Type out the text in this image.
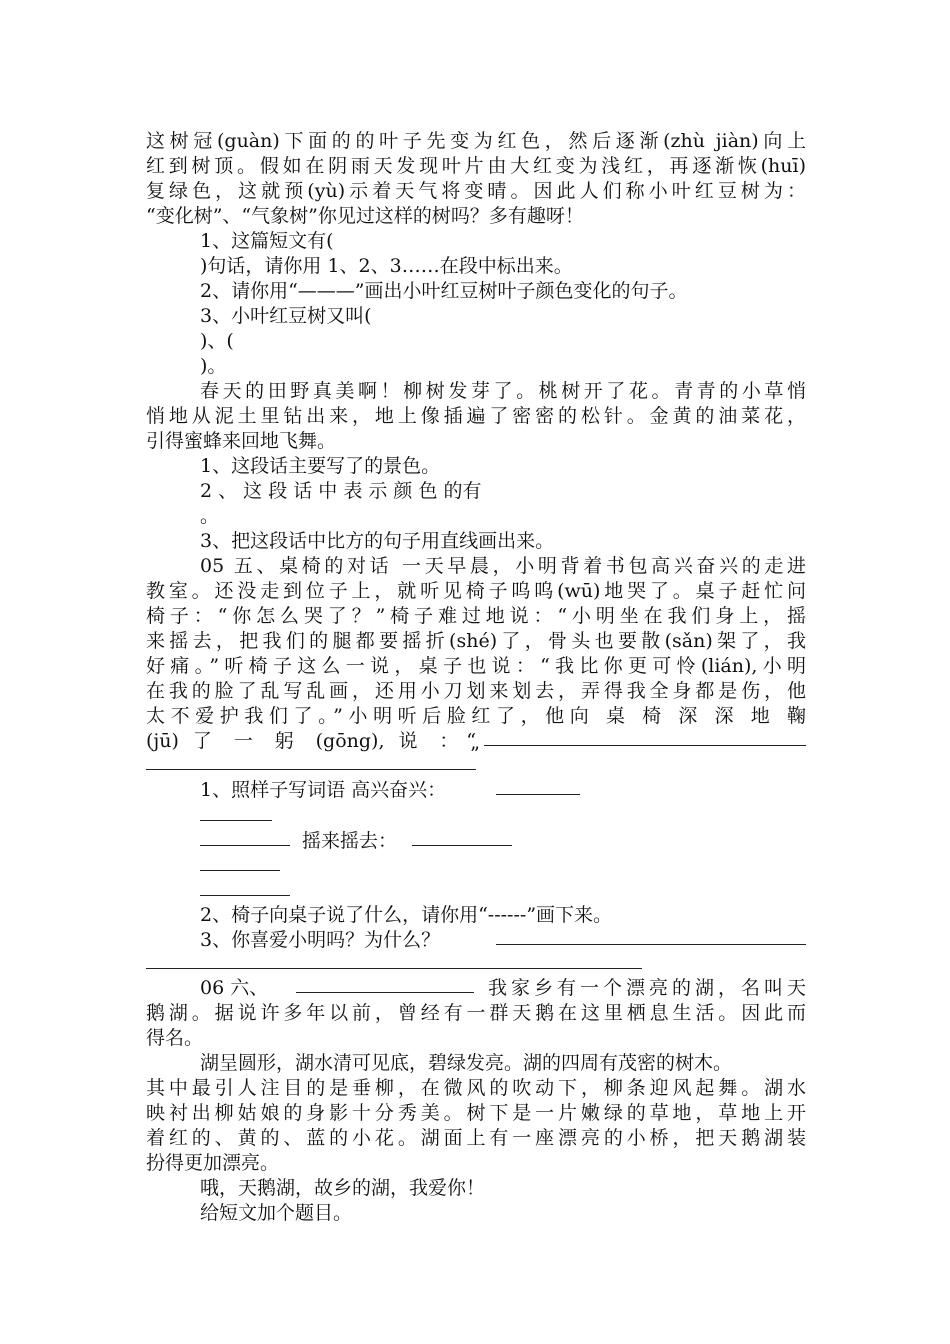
这树冠(guàn)下面的的叶子先变为红色，然后逐渐(zhù jiàn)向上
红到树顶。假如在阴雨天发现叶片由大红变为浅红，再逐渐恢(huī)
复绿色，这就预(yù)示着天气将变晴。因此人们称小叶红豆树为：
“变化树”、“气象树”你见过这样的树吗？多有趣呀！
1、这篇短文有(
)句话，请你用 1、2、3……在段中标出来。
2、请你用“———”画出小叶红豆树叶子颜色变化的句子。
3、小叶红豆树又叫(
)、(
)。
春天的田野真美啊！柳树发芽了。桃树开了花。青青的小草悄
悄地从泥土里钻出来，地上像插遍了密密的松针。金黄的油菜花，
引得蜜蜂来回地飞舞。
1、这段话主要写了的景色。
2 、 这 段 话 中 表 示 颜 色 的有
。
3、把这段话中比方的句子用直线画出来。
05 五、桌椅的对话 一天早晨，小明背着书包高兴奋兴的走进
教室。还没走到位子上，就听见椅子呜呜(wū)地哭了。桌子赶忙问
椅子：“你怎么哭了？”椅子难过地说：“小明坐在我们身上，摇
来摇去，把我们的腿都要摇折(shé)了，骨头也要散(sǎn)架了，我
好痛。”听椅子这么一说，桌子也说：“我比你更可怜(lián),小明
在我的脸了乱写乱画，还用小刀划来划去，弄得我全身都是伤，他
太不爱护我们了。”小明听后脸红了，他向 桌 椅 深 深 地 鞠
(jū) 了 一 躬 (gōng), 说 ：“
”
1、照样子写词语 高兴奋兴：
摇来摇去：
2、椅子向桌子说了什么，请你用“------”画下来。
3、你喜爱小明吗？为什么？
06 六、	我家乡有一个漂亮的湖，名叫天
鹅湖。据说许多年以前，曾经有一群天鹅在这里栖息生活。因此而
得名。
湖呈圆形，湖水清可见底，碧绿发亮。湖的四周有茂密的树木。
其中最引人注目的是垂柳，在微风的吹动下，柳条迎风起舞。湖水
映衬出柳姑娘的身影十分秀美。树下是一片嫩绿的草地，草地上开
着红的、黄的、蓝的小花。湖面上有一座漂亮的小桥，把天鹅湖装
扮得更加漂亮。
哦，天鹅湖，故乡的湖，我爱你！
给短文加个题目。
